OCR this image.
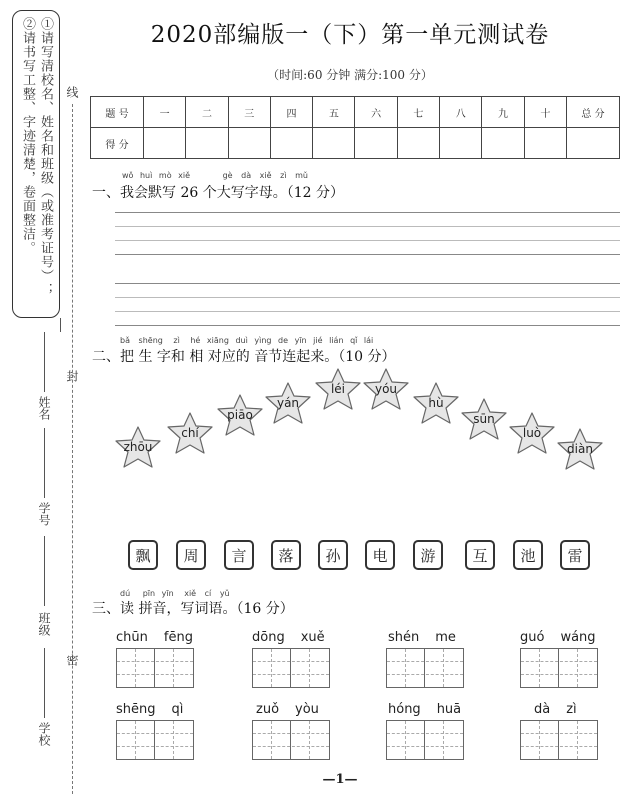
①请写清校名、姓名和班级（或准考证号）；
②请书写工整、字迹清楚，卷面整洁。	线
封
密
姓名
学号
班级
学校
2020部编版一（下）第一单元测试卷
（时间:60 分钟 满分:100 分）
题 号	一	二	三	四	五	六	七	八	九	十	总 分
得 分											
wǒ huì mò xiě	gè dà xiě zì mǔ
一、我会默写 26 个大写字母。（12 分）
bǎ shēng zì hé xiāng duì yìng de yīn jié lián qǐ lái
二、把 生 字和 相 对应的 音节连起来。（10 分）
zhōu
chí
piāo
yán
léi	yóu
hù
sūn
luò
diàn
飘	周	言	落	孙	电	游	互	池	雷
dú pīn yīn xiě cí yǔ
三、读 拼音，写词语。（16 分）
chūn fēng	dōng xuě	shén me	guó wáng
shēng qì	zuǒ yòu	hóng huā	dà zì
—1—
